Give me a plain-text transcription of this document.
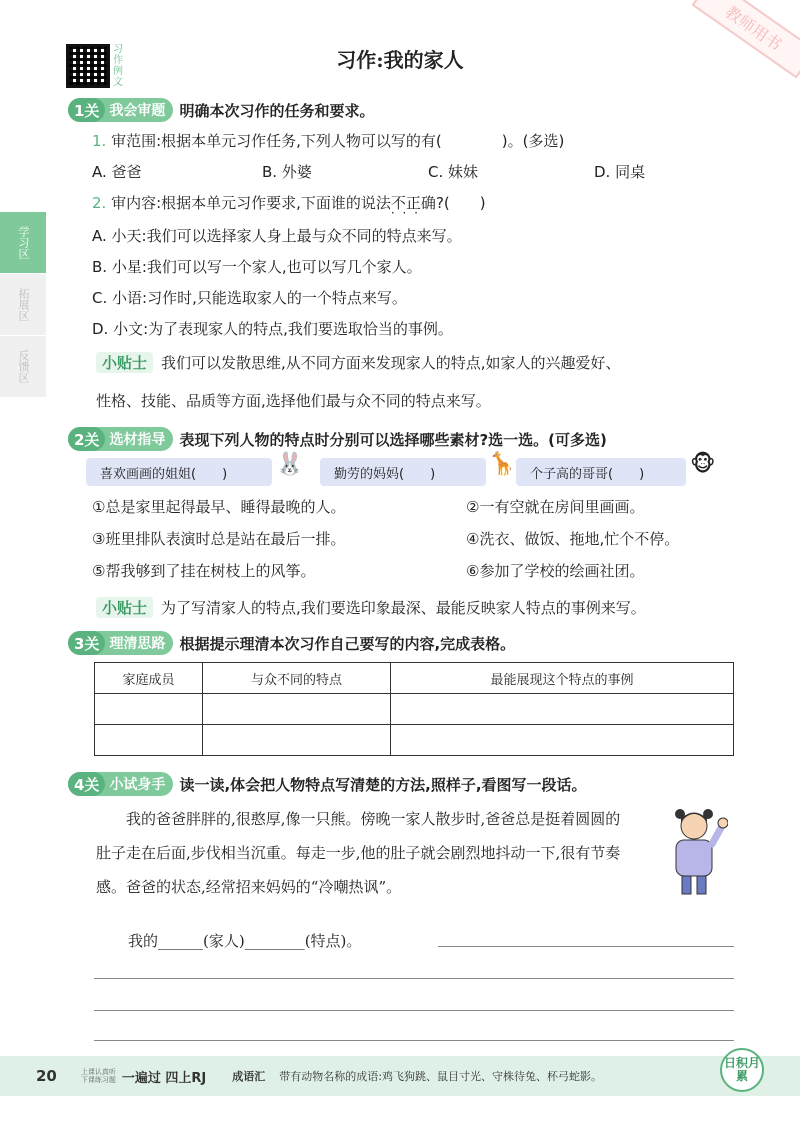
教师用书
习作例文
习作:我的家人
学习区
拓展区
反馈区
1关 我会审题 明确本次习作的任务和要求。
1. 审范围:根据本单元习作任务,下列人物可以写的有(　　　　)。(多选)
A. 爸爸	B. 外婆	C. 妹妹	D. 同桌
2. 审内容:根据本单元习作要求,下面谁的说法不正确 · · ·?(　　)
A. 小天:我们可以选择家人身上最与众不同的特点来写。
B. 小星:我们可以写一个家人,也可以写几个家人。
C. 小语:习作时,只能选取家人的一个特点来写。
D. 小文:为了表现家人的特点,我们要选取恰当的事例。
小贴士 我们可以发散思维,从不同方面来发现家人的特点,如家人的兴趣爱好、
性格、技能、品质等方面,选择他们最与众不同的特点来写。
2关 选材指导 表现下列人物的特点时分别可以选择哪些素材?选一选。(可多选)
喜欢画画的姐姐(　　)	🐰	勤劳的妈妈(　　)	🦒	个子高的哥哥(　　)	🐵
①总是家里起得最早、睡得最晚的人。	②一有空就在房间里画画。
③班里排队表演时总是站在最后一排。	④洗衣、做饭、拖地,忙个不停。
⑤帮我够到了挂在树枝上的风筝。	⑥参加了学校的绘画社团。
小贴士 为了写清家人的特点,我们要选印象最深、最能反映家人特点的事例来写。
3关 理清思路 根据提示理清本次习作自己要写的内容,完成表格。
家庭成员	与众不同的特点	最能展现这个特点的事例

4关 小试身手 读一读,体会把人物特点写清楚的方法,照样子,看图写一段话。
我的爸爸胖胖的,很憨厚,像一只熊。傍晚一家人散步时,爸爸总是挺着圆圆的肚子走在后面,步伐相当沉重。每走一步,他的肚子就会剧烈地抖动一下,很有节奏感。爸爸的状态,经常招来妈妈的“冷嘲热讽”。
我的______(家人)________(特点)。
20	上课认真听
下课练习题 一遍过 四上RJ 成语汇 带有动物名称的成语:鸡飞狗跳、鼠目寸光、守株待兔、杯弓蛇影。
日积月累
